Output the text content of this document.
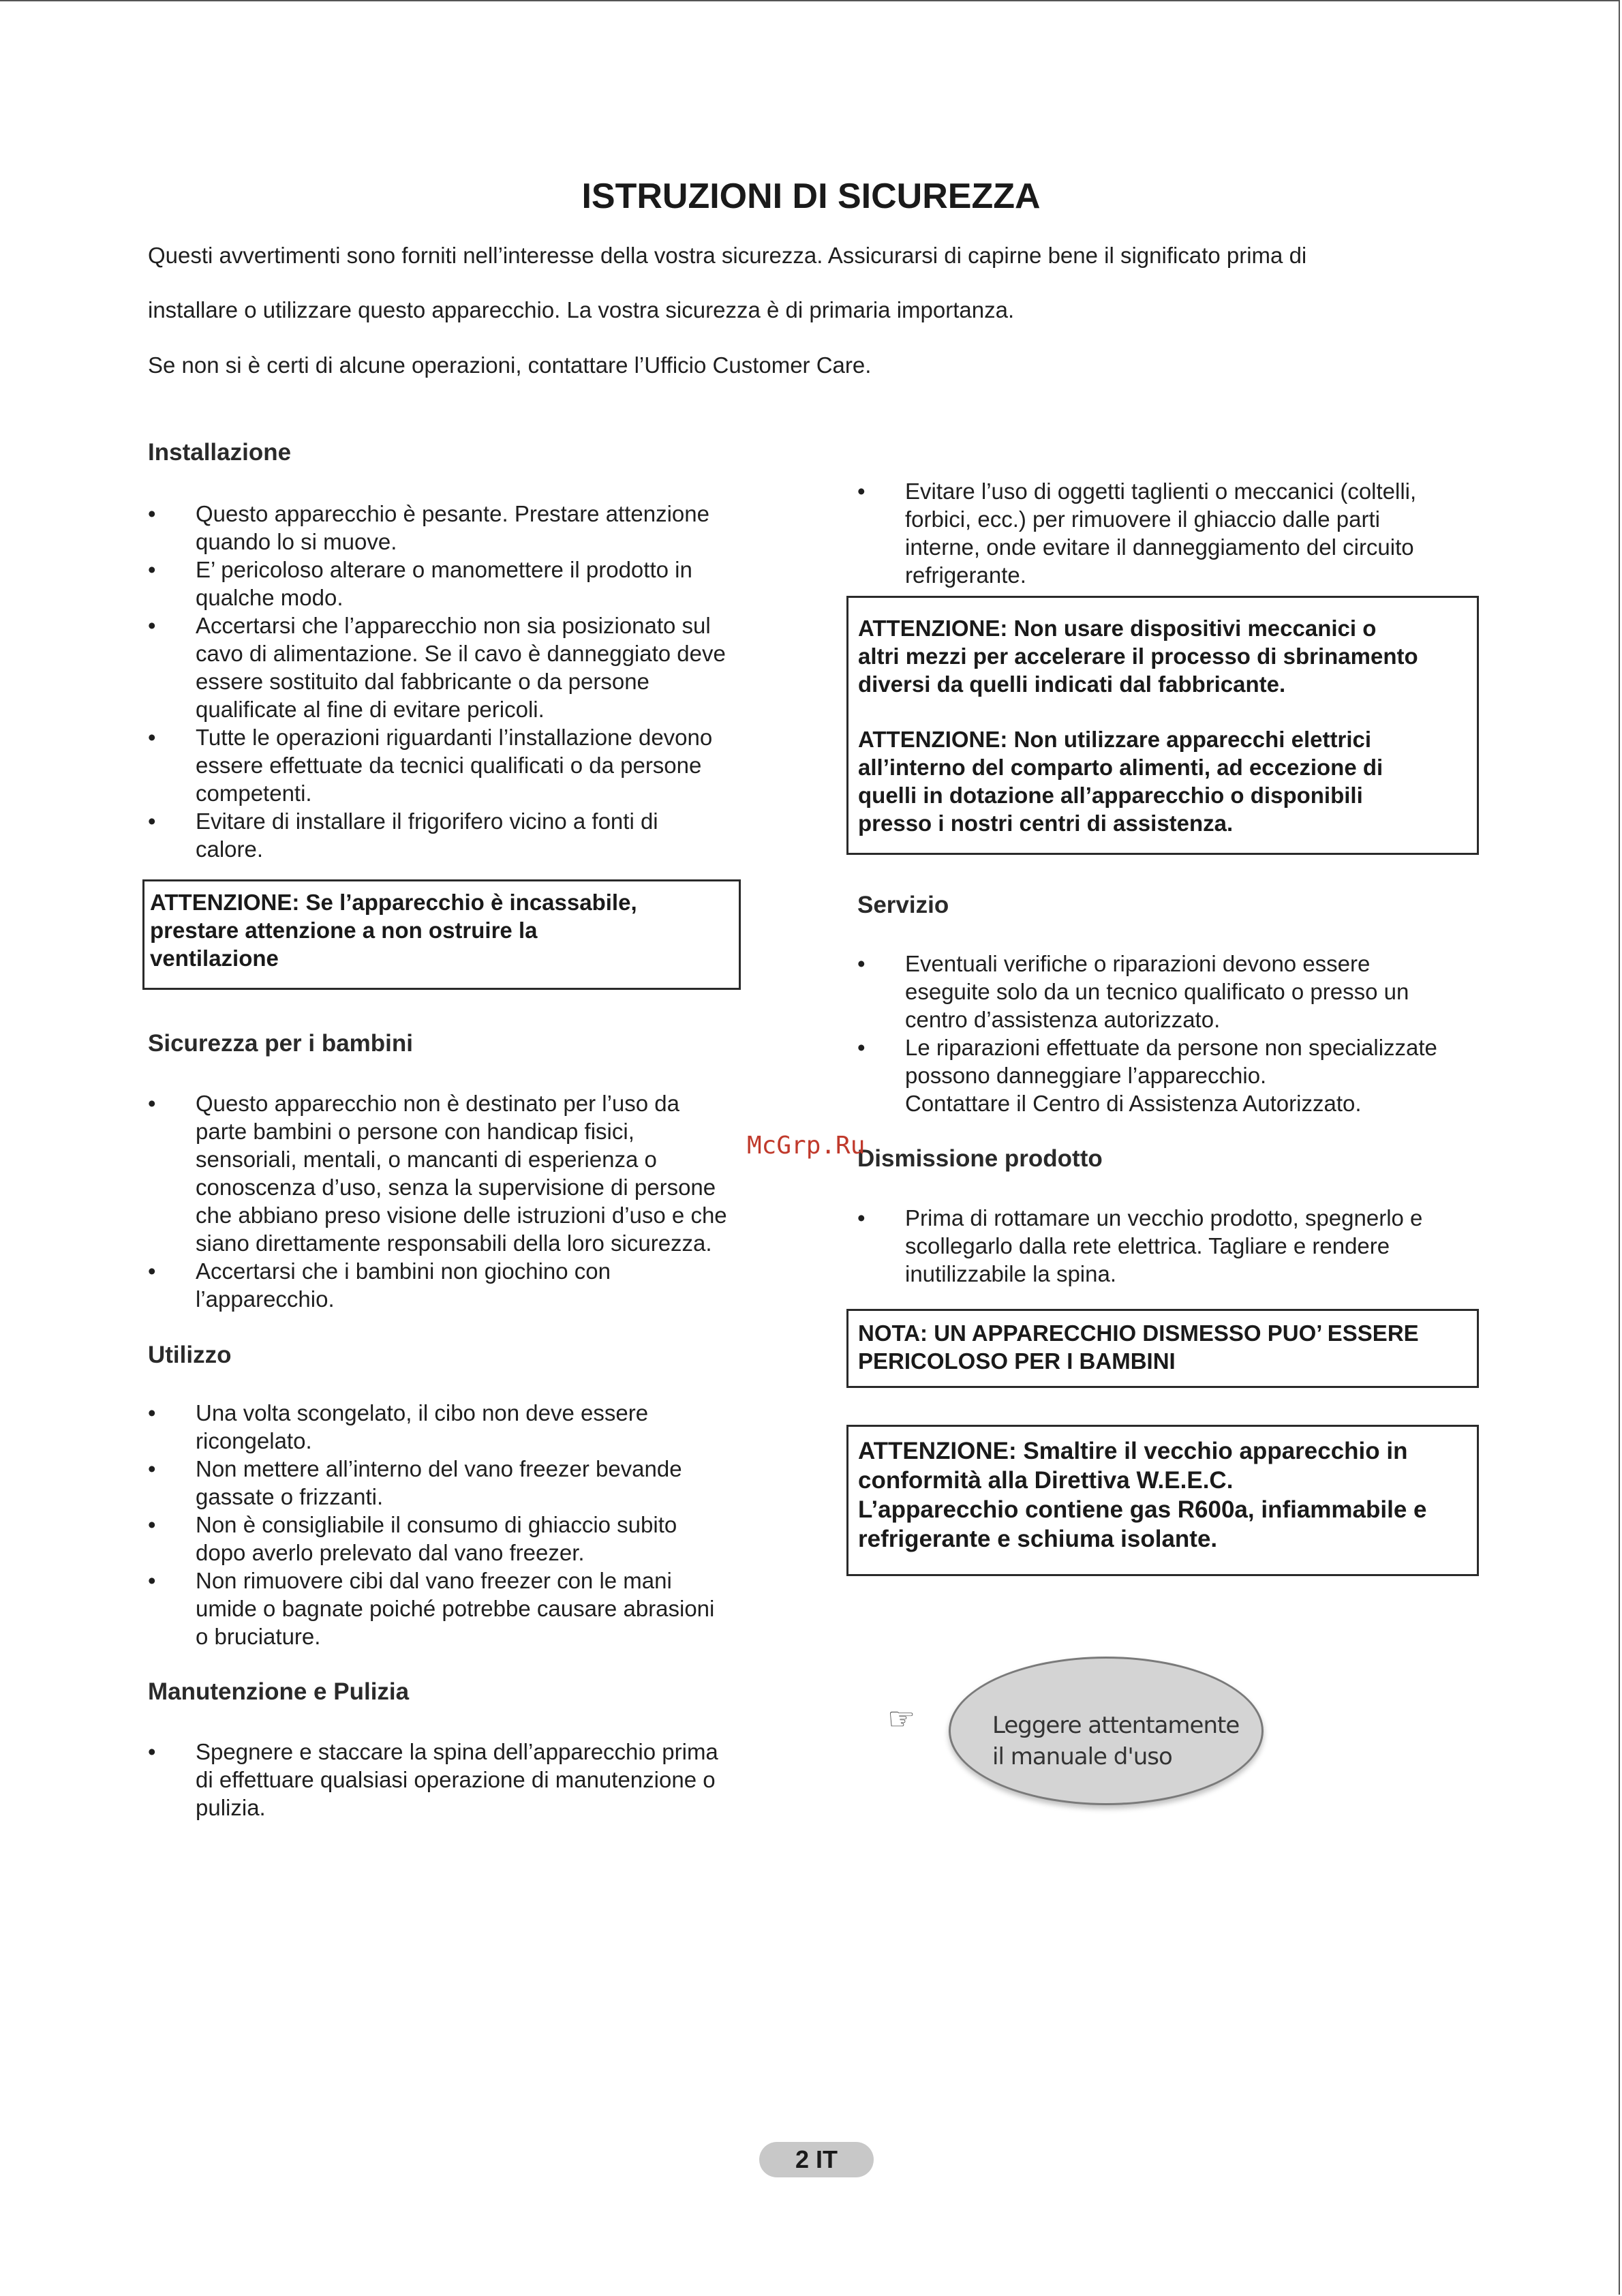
ISTRUZIONI DI SICUREZZA
Questi avvertimenti sono forniti nell’interesse della vostra sicurezza. Assicurarsi di capirne bene il significato prima di
installare o utilizzare questo apparecchio. La vostra sicurezza è di primaria importanza.
Se non si è certi di alcune operazioni, contattare l’Ufficio Customer Care.
Installazione
• Questo apparecchio è pesante. Prestare attenzione
quando lo si muove.
• E’ pericoloso alterare o manomettere il prodotto in
qualche modo.
• Accertarsi che l’apparecchio non sia posizionato sul
cavo di alimentazione. Se il cavo è danneggiato deve
essere sostituito dal fabbricante o da persone
qualificate al fine di evitare pericoli.
• Tutte le operazioni riguardanti l’installazione devono
essere effettuate da tecnici qualificati o da persone
competenti.
• Evitare di installare il frigorifero vicino a fonti di
calore.

ATTENZIONE: Se l’apparecchio è incassabile,

prestare attenzione a non ostruire la

ventilazione

Sicurezza per i bambini
• Questo apparecchio non è destinato per l’uso da
parte bambini o persone con handicap fisici,
sensoriali, mentali, o mancanti di esperienza o
conoscenza d’uso, senza la supervisione di persone
che abbiano preso visione delle istruzioni d’uso e che
siano direttamente responsabili della loro sicurezza.
• Accertarsi che i bambini non giochino con
l’apparecchio.
Utilizzo
• Una volta scongelato, il cibo non deve essere
ricongelato.
• Non mettere all’interno del vano freezer bevande
gassate o frizzanti.
• Non è consigliabile il consumo di ghiaccio subito
dopo averlo prelevato dal vano freezer.
• Non rimuovere cibi dal vano freezer con le mani
umide o bagnate poiché potrebbe causare abrasioni
o bruciature.
Manutenzione e Pulizia
• Spegnere e staccare la spina dell’apparecchio prima
di effettuare qualsiasi operazione di manutenzione o
pulizia.
• Evitare l’uso di oggetti taglienti o meccanici (coltelli,
forbici, ecc.) per rimuovere il ghiaccio dalle parti
interne, onde evitare il danneggiamento del circuito
refrigerante.

ATTENZIONE: Non usare dispositivi meccanici o

altri mezzi per accelerare il processo di sbrinamento

diversi da quelli indicati dal fabbricante.

ATTENZIONE: Non utilizzare apparecchi elettrici

all’interno del comparto alimenti, ad eccezione di

quelli in dotazione all’apparecchio o disponibili

presso i nostri centri di assistenza.

Servizio
• Eventuali verifiche o riparazioni devono essere
eseguite solo da un tecnico qualificato o presso un
centro d’assistenza autorizzato.
• Le riparazioni effettuate da persone non specializzate
possono danneggiare l’apparecchio.
Contattare il Centro di Assistenza Autorizzato.
Dismissione prodotto
• Prima di rottamare un vecchio prodotto, spegnerlo e
scollegarlo dalla rete elettrica. Tagliare e rendere
inutilizzabile la spina.

NOTA: UN APPARECCHIO DISMESSO PUO’ ESSERE

PERICOLOSO PER I BAMBINI

ATTENZIONE: Smaltire il vecchio apparecchio in

conformità alla Direttiva W.E.E.C.

L’apparecchio contiene gas R600a, infiammabile e

refrigerante e schiuma isolante.

McGrp.Ru
☞	Leggere attentamente
il manuale d'uso
2 IT
